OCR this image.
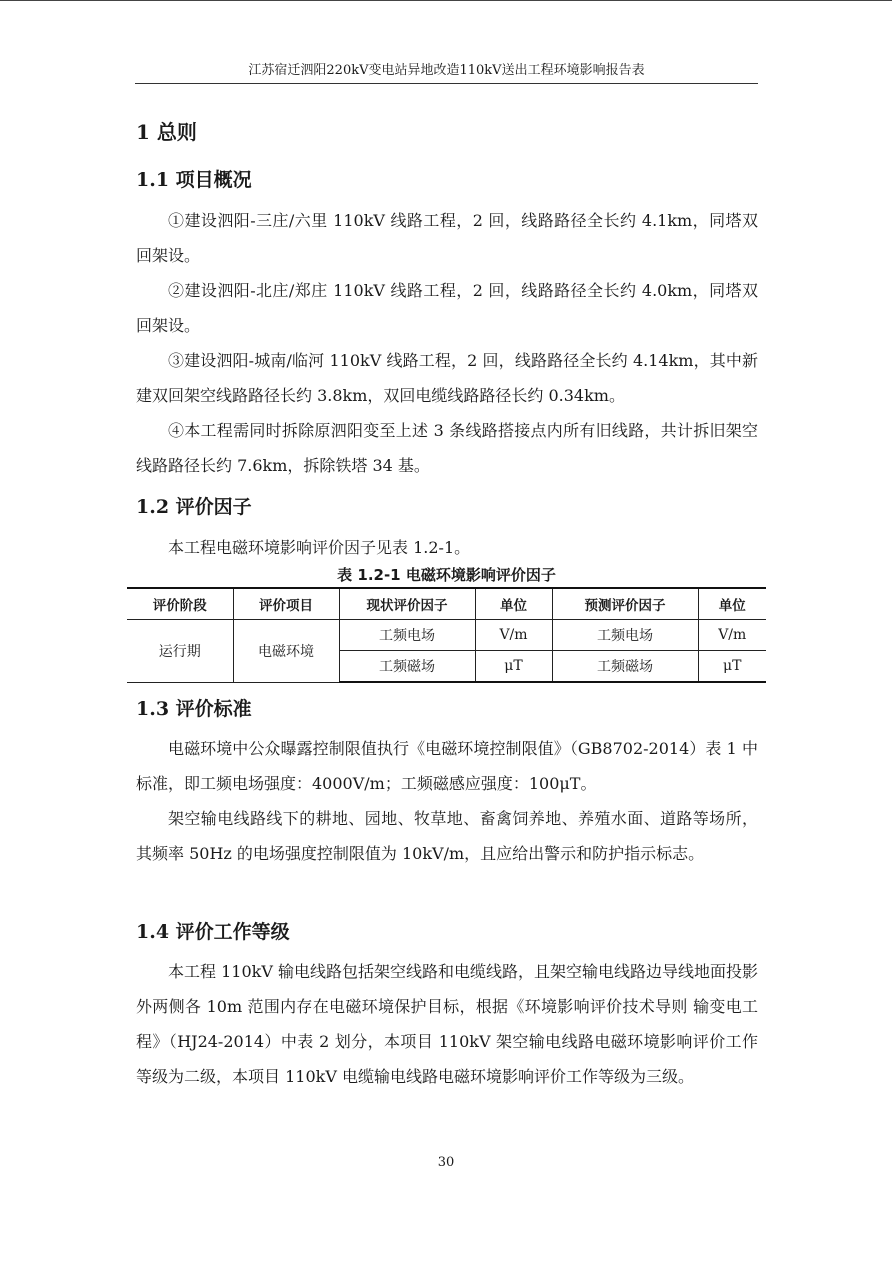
江苏宿迁泗阳220kV变电站异地改造110kV送出工程环境影响报告表
1 总则
1.1 项目概况

①建设泗阳-三庄/六里 110kV 线路工程，2 回，线路路径全长约 4.1km，同塔双回架设。

②建设泗阳-北庄/郑庄 110kV 线路工程，2 回，线路路径全长约 4.0km，同塔双回架设。

③建设泗阳-城南/临河 110kV 线路工程，2 回，线路路径全长约 4.14km，其中新建双回架空线路路径长约 3.8km，双回电缆线路路径长约 0.34km。

④本工程需同时拆除原泗阳变至上述 3 条线路搭接点内所有旧线路，共计拆旧架空线路路径长约 7.6km，拆除铁塔 34 基。

1.2 评价因子

本工程电磁环境影响评价因子见表 1.2-1。

表 1.2-1 电磁环境影响评价因子
评价阶段	评价项目	现状评价因子	单位	预测评价因子	单位
运行期	电磁环境	工频电场	V/m	工频电场	V/m
		工频磁场	μT	工频磁场	μT
1.3 评价标准

电磁环境中公众曝露控制限值执行《电磁环境控制限值》（GB8702-2014）表 1 中标准，即工频电场强度：4000V/m；工频磁感应强度：100μT。

架空输电线路线下的耕地、园地、牧草地、畜禽饲养地、养殖水面、道路等场所，其频率 50Hz 的电场强度控制限值为 10kV/m，且应给出警示和防护指示标志。

1.4 评价工作等级

本工程 110kV 输电线路包括架空线路和电缆线路，且架空输电线路边导线地面投影外两侧各 10m 范围内存在电磁环境保护目标，根据《环境影响评价技术导则 输变电工程》（HJ24-2014）中表 2 划分，本项目 110kV 架空输电线路电磁环境影响评价工作等级为二级，本项目 110kV 电缆输电线路电磁环境影响评价工作等级为三级。

30
